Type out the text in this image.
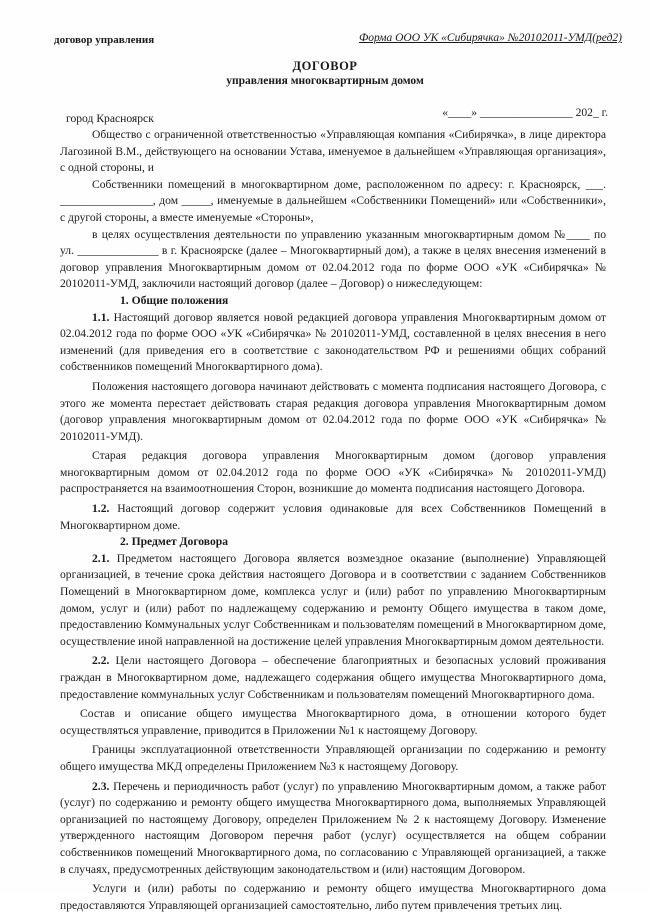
договор управления	Форма ООО УК «Сибирячка» №20102011-УМД(ред2)
ДОГОВОР
управления многоквартирным домом
город Красноярск	«____» ________________ 202_ г.

Общество с ограниченной ответственностью «Управляющая компания «Сибирячка», в лице директора Лагозиной В.М., действующего на основании Устава, именуемое в дальнейшем «Управляющая организация», с одной стороны, и

Собственники помещений в многоквартирном доме, расположенном по адресу: г. Красноярск, ___. ________________, дом _____, именуемые в дальнейшем «Собственники Помещений» или «Собственники», с другой стороны, а вместе именуемые «Стороны»,

в целях осуществления деятельности по управлению указанным многоквартирным домом №____ по ул. ______________ в г. Красноярске (далее – Многоквартирный дом), а также в целях внесения изменений в договор управления Многоквартирным домом от 02.04.2012 года по форме ООО «УК «Сибирячка» № 20102011-УМД, заключили настоящий договор (далее – Договор) о нижеследующем:

1. Общие положения

1.1. Настоящий договор является новой редакцией договора управления Многоквартирным домом от 02.04.2012 года по форме ООО «УК «Сибирячка» № 20102011-УМД, составленной в целях внесения в него изменений (для приведения его в соответствие с законодательством РФ и решениями общих собраний собственников помещений Многоквартирного дома).

Положения настоящего договора начинают действовать с момента подписания настоящего Договора, с этого же момента перестает действовать старая редакция договора управления Многоквартирным домом (договор управления многоквартирным домом от 02.04.2012 года по форме ООО «УК «Сибирячка» № 20102011-УМД).

Старая редакция договора управления Многоквартирным домом (договор управления многоквартирным домом от 02.04.2012 года по форме ООО «УК «Сибирячка» № 20102011-УМД) распространяется на взаимоотношения Сторон, возникшие до момента подписания настоящего Договора.

1.2. Настоящий договор содержит условия одинаковые для всех Собственников Помещений в Многоквартирном доме.

2. Предмет Договора

2.1. Предметом настоящего Договора является возмездное оказание (выполнение) Управляющей организацией, в течение срока действия настоящего Договора и в соответствии с заданием Собственников Помещений в Многоквартирном доме, комплекса услуг и (или) работ по управлению Многоквартирным домом, услуг и (или) работ по надлежащему содержанию и ремонту Общего имущества в таком доме, предоставлению Коммунальных услуг Собственникам и пользователям помещений в Многоквартирном доме, осуществление иной направленной на достижение целей управления Многоквартирным домом деятельности.

2.2. Цели настоящего Договора – обеспечение благоприятных и безопасных условий проживания граждан в Многоквартирном доме, надлежащего содержания общего имущества Многоквартирного дома, предоставление коммунальных услуг Собственникам и пользователям помещений Многоквартирного дома.

Состав и описание общего имущества Многоквартирного дома, в отношении которого будет осуществляться управление, приводится в Приложении №1 к настоящему Договору.

Границы эксплуатационной ответственности Управляющей организации по содержанию и ремонту общего имущества МКД определены Приложением №3 к настоящему Договору.

2.3. Перечень и периодичность работ (услуг) по управлению Многоквартирным домом, а также работ (услуг) по содержанию и ремонту общего имущества Многоквартирного дома, выполняемых Управляющей организацией по настоящему Договору, определен Приложением № 2 к настоящему Договору. Изменение утвержденного настоящим Договором перечня работ (услуг) осуществляется на общем собрании собственников помещений Многоквартирного дома, по согласованию с Управляющей организацией, а также в случаях, предусмотренных действующим законодательством и (или) настоящим Договором.

Услуги и (или) работы по содержанию и ремонту общего имущества Многоквартирного дома предоставляются Управляющей организацией самостоятельно, либо путем привлечения третьих лиц.
